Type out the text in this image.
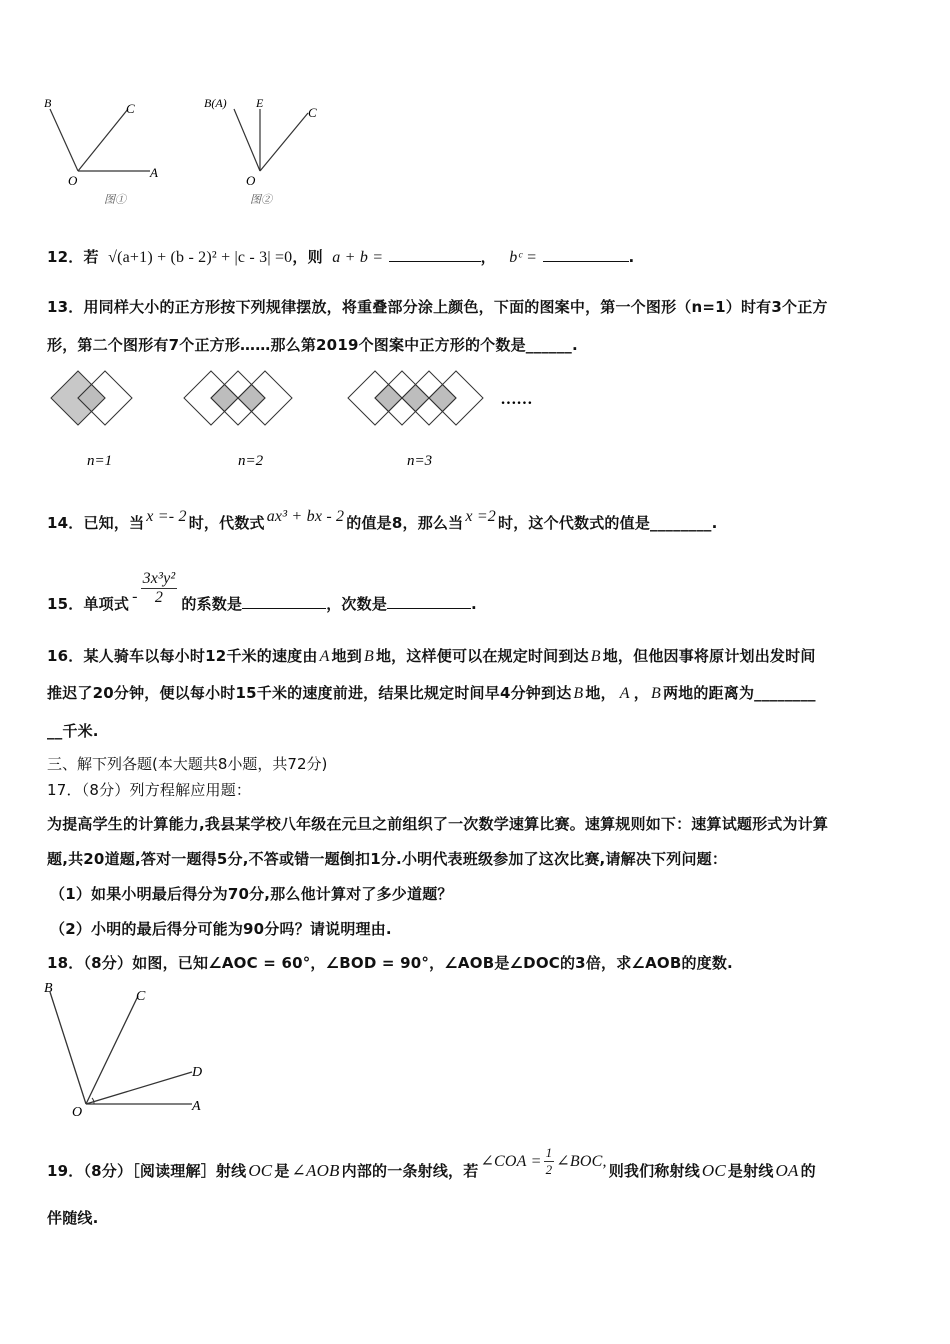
B	C
O
A
图①
B(A) E
C
O
图②
12．若 √(a+1) + (b - 2)² + |c - 3| =0，则 a + b =	， bᶜ =	.
13．用同样大小的正方形按下列规律摆放，将重叠部分涂上颜色，下面的图案中，第一个图形（n=1）时有3个正方
形，第二个图形有7个正方形……那么第2019个图案中正方形的个数是______.
……
n=1	n=2	n=3
14．已知，当 x =- 2 时，代数式 ax³ + bx - 2 的值是8，那么当 x =2 时，这个代数式的值是________.
15．单项式 - $\frac{\text{3x³y²}}{2}$ 的系数是	，次数是	.
16．某人骑车以每小时12千米的速度由 A 地到 B 地，这样便可以在规定时间到达 B 地，但他因事将原计划出发时间
推迟了20分钟，便以每小时15千米的速度前进，结果比规定时间早4分钟到达 B 地， A ， B 两地的距离为________
__千米.
三、解下列各题(本大题共8小题，共72分)
17．（8分）列方程解应用题：
为提高学生的计算能力,我县某学校八年级在元旦之前组织了一次数学速算比赛。速算规则如下：速算试题形式为计算
题,共20道题,答对一题得5分,不答或错一题倒扣1分.小明代表班级参加了这次比赛,请解决下列问题：
（1）如果小明最后得分为70分,那么他计算对了多少道题？
（2）小明的最后得分可能为90分吗？请说明理由.
18．（8分）如图，已知∠AOC = 60°，∠BOD = 90°，∠AOB是∠DOC的3倍，求∠AOB的度数.
B
C
D
O	A
19．（8分）［阅读理解］射线 OC 是 ∠AOB 内部的一条射线，若∠COA = $\frac{1}{2}$ ∠BOC,则我们称射线 OC 是射线 OA 的
伴随线.
